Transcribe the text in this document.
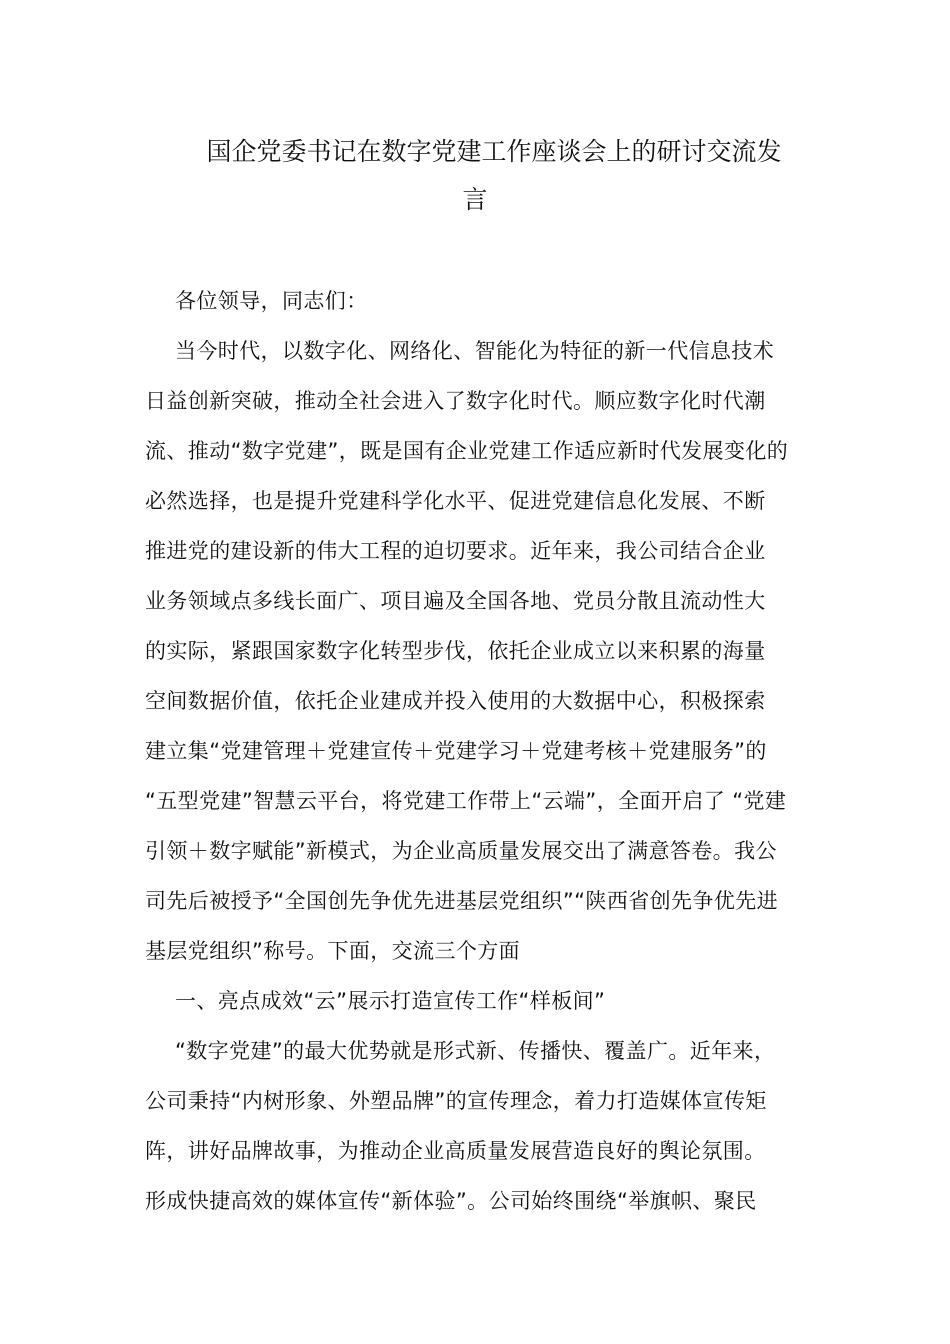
国企党委书记在数字党建工作座谈会上的研讨交流发
言
各位领导，同志们：
当今时代，以数字化、网络化、智能化为特征的新一代信息技术
日益创新突破，推动全社会进入了数字化时代。顺应数字化时代潮
流、推动“数字党建”，既是国有企业党建工作适应新时代发展变化的
必然选择，也是提升党建科学化水平、促进党建信息化发展、不断
推进党的建设新的伟大工程的迫切要求。近年来，我公司结合企业
业务领域点多线长面广、项目遍及全国各地、党员分散且流动性大
的实际，紧跟国家数字化转型步伐，依托企业成立以来积累的海量
空间数据价值，依托企业建成并投入使用的大数据中心，积极探索
建立集“党建管理＋党建宣传＋党建学习＋党建考核＋党建服务”的
“五型党建”智慧云平台，将党建工作带上“云端”，全面开启了 “党建
引领＋数字赋能”新模式，为企业高质量发展交出了满意答卷。我公
司先后被授予“全国创先争优先进基层党组织”“陕西省创先争优先进
基层党组织”称号。下面，交流三个方面
一、亮点成效“云”展示打造宣传工作“样板间”
“数字党建”的最大优势就是形式新、传播快、覆盖广。近年来，
公司秉持“内树形象、外塑品牌”的宣传理念，着力打造媒体宣传矩
阵，讲好品牌故事，为推动企业高质量发展营造良好的舆论氛围。
形成快捷高效的媒体宣传“新体验”。公司始终围绕“举旗帜、聚民
